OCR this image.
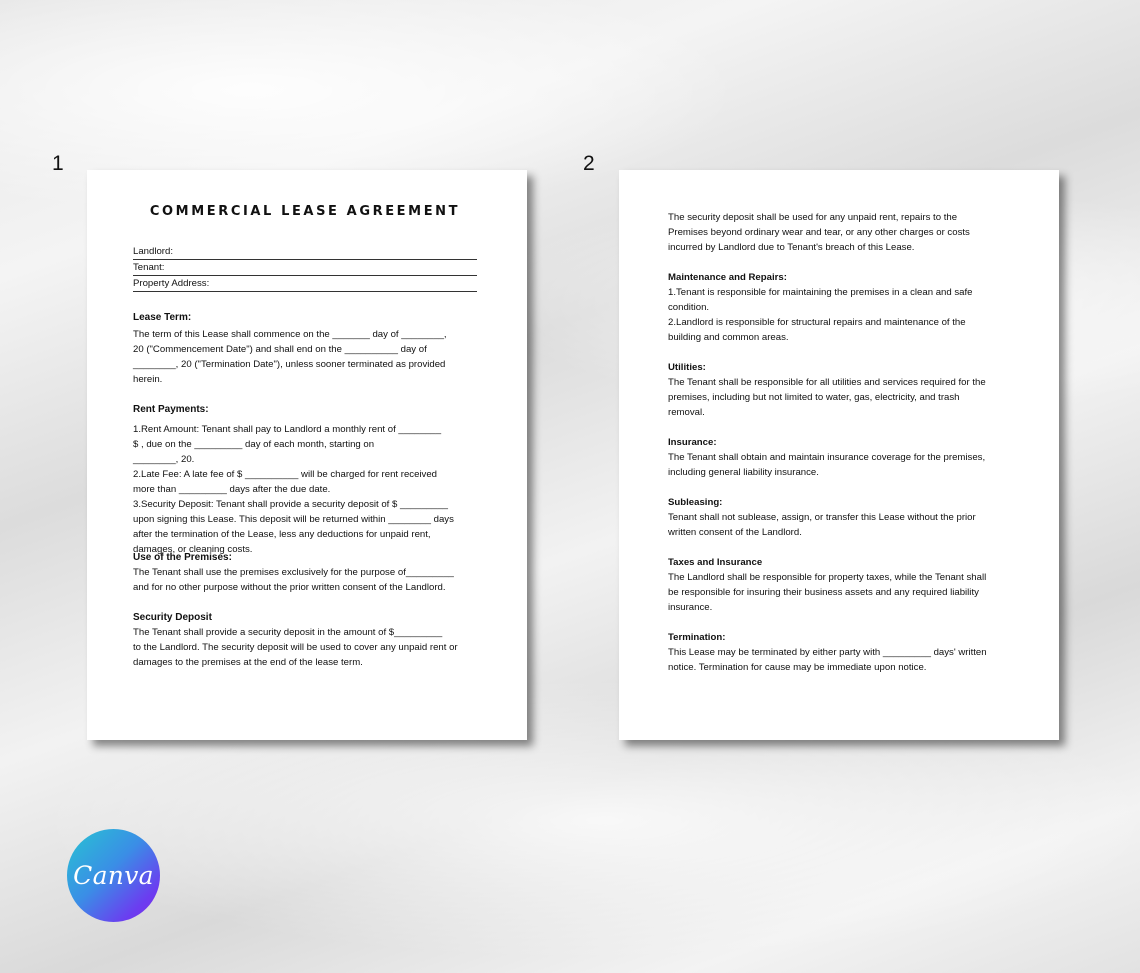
1	2
COMMERCIAL LEASE AGREEMENT
Landlord:
Tenant:
Property Address:
Lease Term:
The term of this Lease shall commence on the _______ day of ________,
20 ("Commencement Date") and shall end on the __________ day of
________, 20 ("Termination Date"), unless sooner terminated as provided
herein.
Rent Payments:
1.Rent Amount: Tenant shall pay to Landlord a monthly rent of ________
$ , due on the _________ day of each month, starting on
________, 20.
2.Late Fee: A late fee of $ __________ will be charged for rent received
more than _________ days after the due date.
3.Security Deposit: Tenant shall provide a security deposit of $ _________
upon signing this Lease. This deposit will be returned within ________ days
after the termination of the Lease, less any deductions for unpaid rent,
damages, or cleaning costs.
Use of the Premises:
The Tenant shall use the premises exclusively for the purpose of_________
and for no other purpose without the prior written consent of the Landlord.
Security Deposit
The Tenant shall provide a security deposit in the amount of $_________
to the Landlord. The security deposit will be used to cover any unpaid rent or
damages to the premises at the end of the lease term.
The security deposit shall be used for any unpaid rent, repairs to the
Premises beyond ordinary wear and tear, or any other charges or costs
incurred by Landlord due to Tenant's breach of this Lease.
Maintenance and Repairs:
1.Tenant is responsible for maintaining the premises in a clean and safe
condition.
2.Landlord is responsible for structural repairs and maintenance of the
building and common areas.
Utilities:
The Tenant shall be responsible for all utilities and services required for the
premises, including but not limited to water, gas, electricity, and trash
removal.
Insurance:
The Tenant shall obtain and maintain insurance coverage for the premises,
including general liability insurance.
Subleasing:
Tenant shall not sublease, assign, or transfer this Lease without the prior
written consent of the Landlord.
Taxes and Insurance
The Landlord shall be responsible for property taxes, while the Tenant shall
be responsible for insuring their business assets and any required liability
insurance.
Termination:
This Lease may be terminated by either party with _________ days' written
notice. Termination for cause may be immediate upon notice.
Canva
